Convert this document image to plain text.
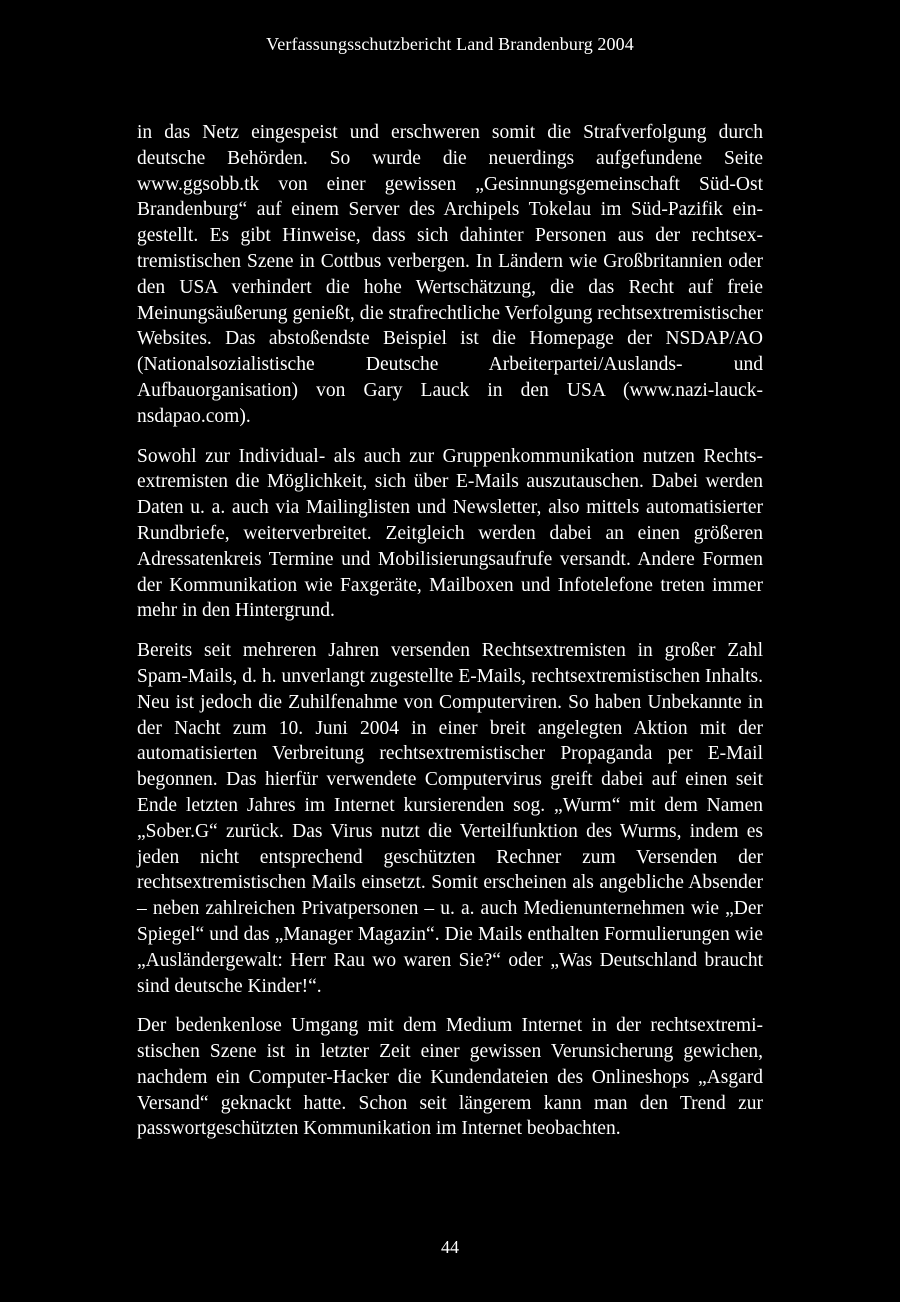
Verfassungsschutzbericht Land Brandenburg 2004

in das Netz eingespeist und erschweren somit die Strafverfolgung durch deutsche Behörden. So wurde die neuerdings aufgefundene Seite www.ggsobb.tk von einer gewissen „Gesinnungsgemeinschaft Süd-Ost Brandenburg“ auf einem Server des Archipels Tokelau im Süd-Pazifik eingestellt. Es gibt Hinweise, dass sich dahinter Personen aus der rechtsextremistischen Szene in Cottbus verbergen. In Ländern wie Großbritannien oder den USA verhindert die hohe Wertschätzung, die das Recht auf freie Meinungsäußerung genießt, die strafrechtliche Verfolgung rechtsextremistischer Websites. Das abstoßendste Beispiel ist die Homepage der NSDAP/AO (Nationalsozialistische Deutsche Arbeiterpartei/Auslands- und Aufbauorganisation) von Gary Lauck in den USA (www.nazi-laucknsdapao.com).

Sowohl zur Individual- als auch zur Gruppenkommunikation nutzen Rechtsextremisten die Möglichkeit, sich über E-Mails auszutauschen. Dabei werden Daten u. a. auch via Mailinglisten und Newsletter, also mittels automatisierter Rundbriefe, weiterverbreitet. Zeitgleich werden dabei an einen größeren Adressatenkreis Termine und Mobilisierungsaufrufe versandt. Andere Formen der Kommunikation wie Faxgeräte, Mailboxen und Infotelefone treten immer mehr in den Hintergrund.

Bereits seit mehreren Jahren versenden Rechtsextremisten in großer Zahl Spam-Mails, d. h. unverlangt zugestellte E-Mails, rechtsextremistischen Inhalts. Neu ist jedoch die Zuhilfenahme von Computerviren. So haben Unbekannte in der Nacht zum 10. Juni 2004 in einer breit angelegten Aktion mit der automatisierten Verbreitung rechtsextremistischer Propaganda per E-Mail begonnen. Das hierfür verwendete Computervirus greift dabei auf einen seit Ende letzten Jahres im Internet kursierenden sog. „Wurm“ mit dem Namen „Sober.G“ zurück. Das Virus nutzt die Verteilfunktion des Wurms, indem es jeden nicht entsprechend geschützten Rechner zum Versenden der rechtsextremistischen Mails einsetzt. Somit erscheinen als angebliche Absender – neben zahlreichen Privatpersonen – u. a. auch Medienunternehmen wie „Der Spiegel“ und das „Manager Magazin“. Die Mails enthalten Formulierungen wie „Ausländergewalt: Herr Rau wo waren Sie?“ oder „Was Deutschland braucht sind deutsche Kinder!“.

Der bedenkenlose Umgang mit dem Medium Internet in der rechtsextremistischen Szene ist in letzter Zeit einer gewissen Verunsicherung gewichen, nachdem ein Computer-Hacker die Kundendateien des Onlineshops „Asgard Versand“ geknackt hatte. Schon seit längerem kann man den Trend zur passwortgeschützten Kommunikation im Internet beobachten.

44
